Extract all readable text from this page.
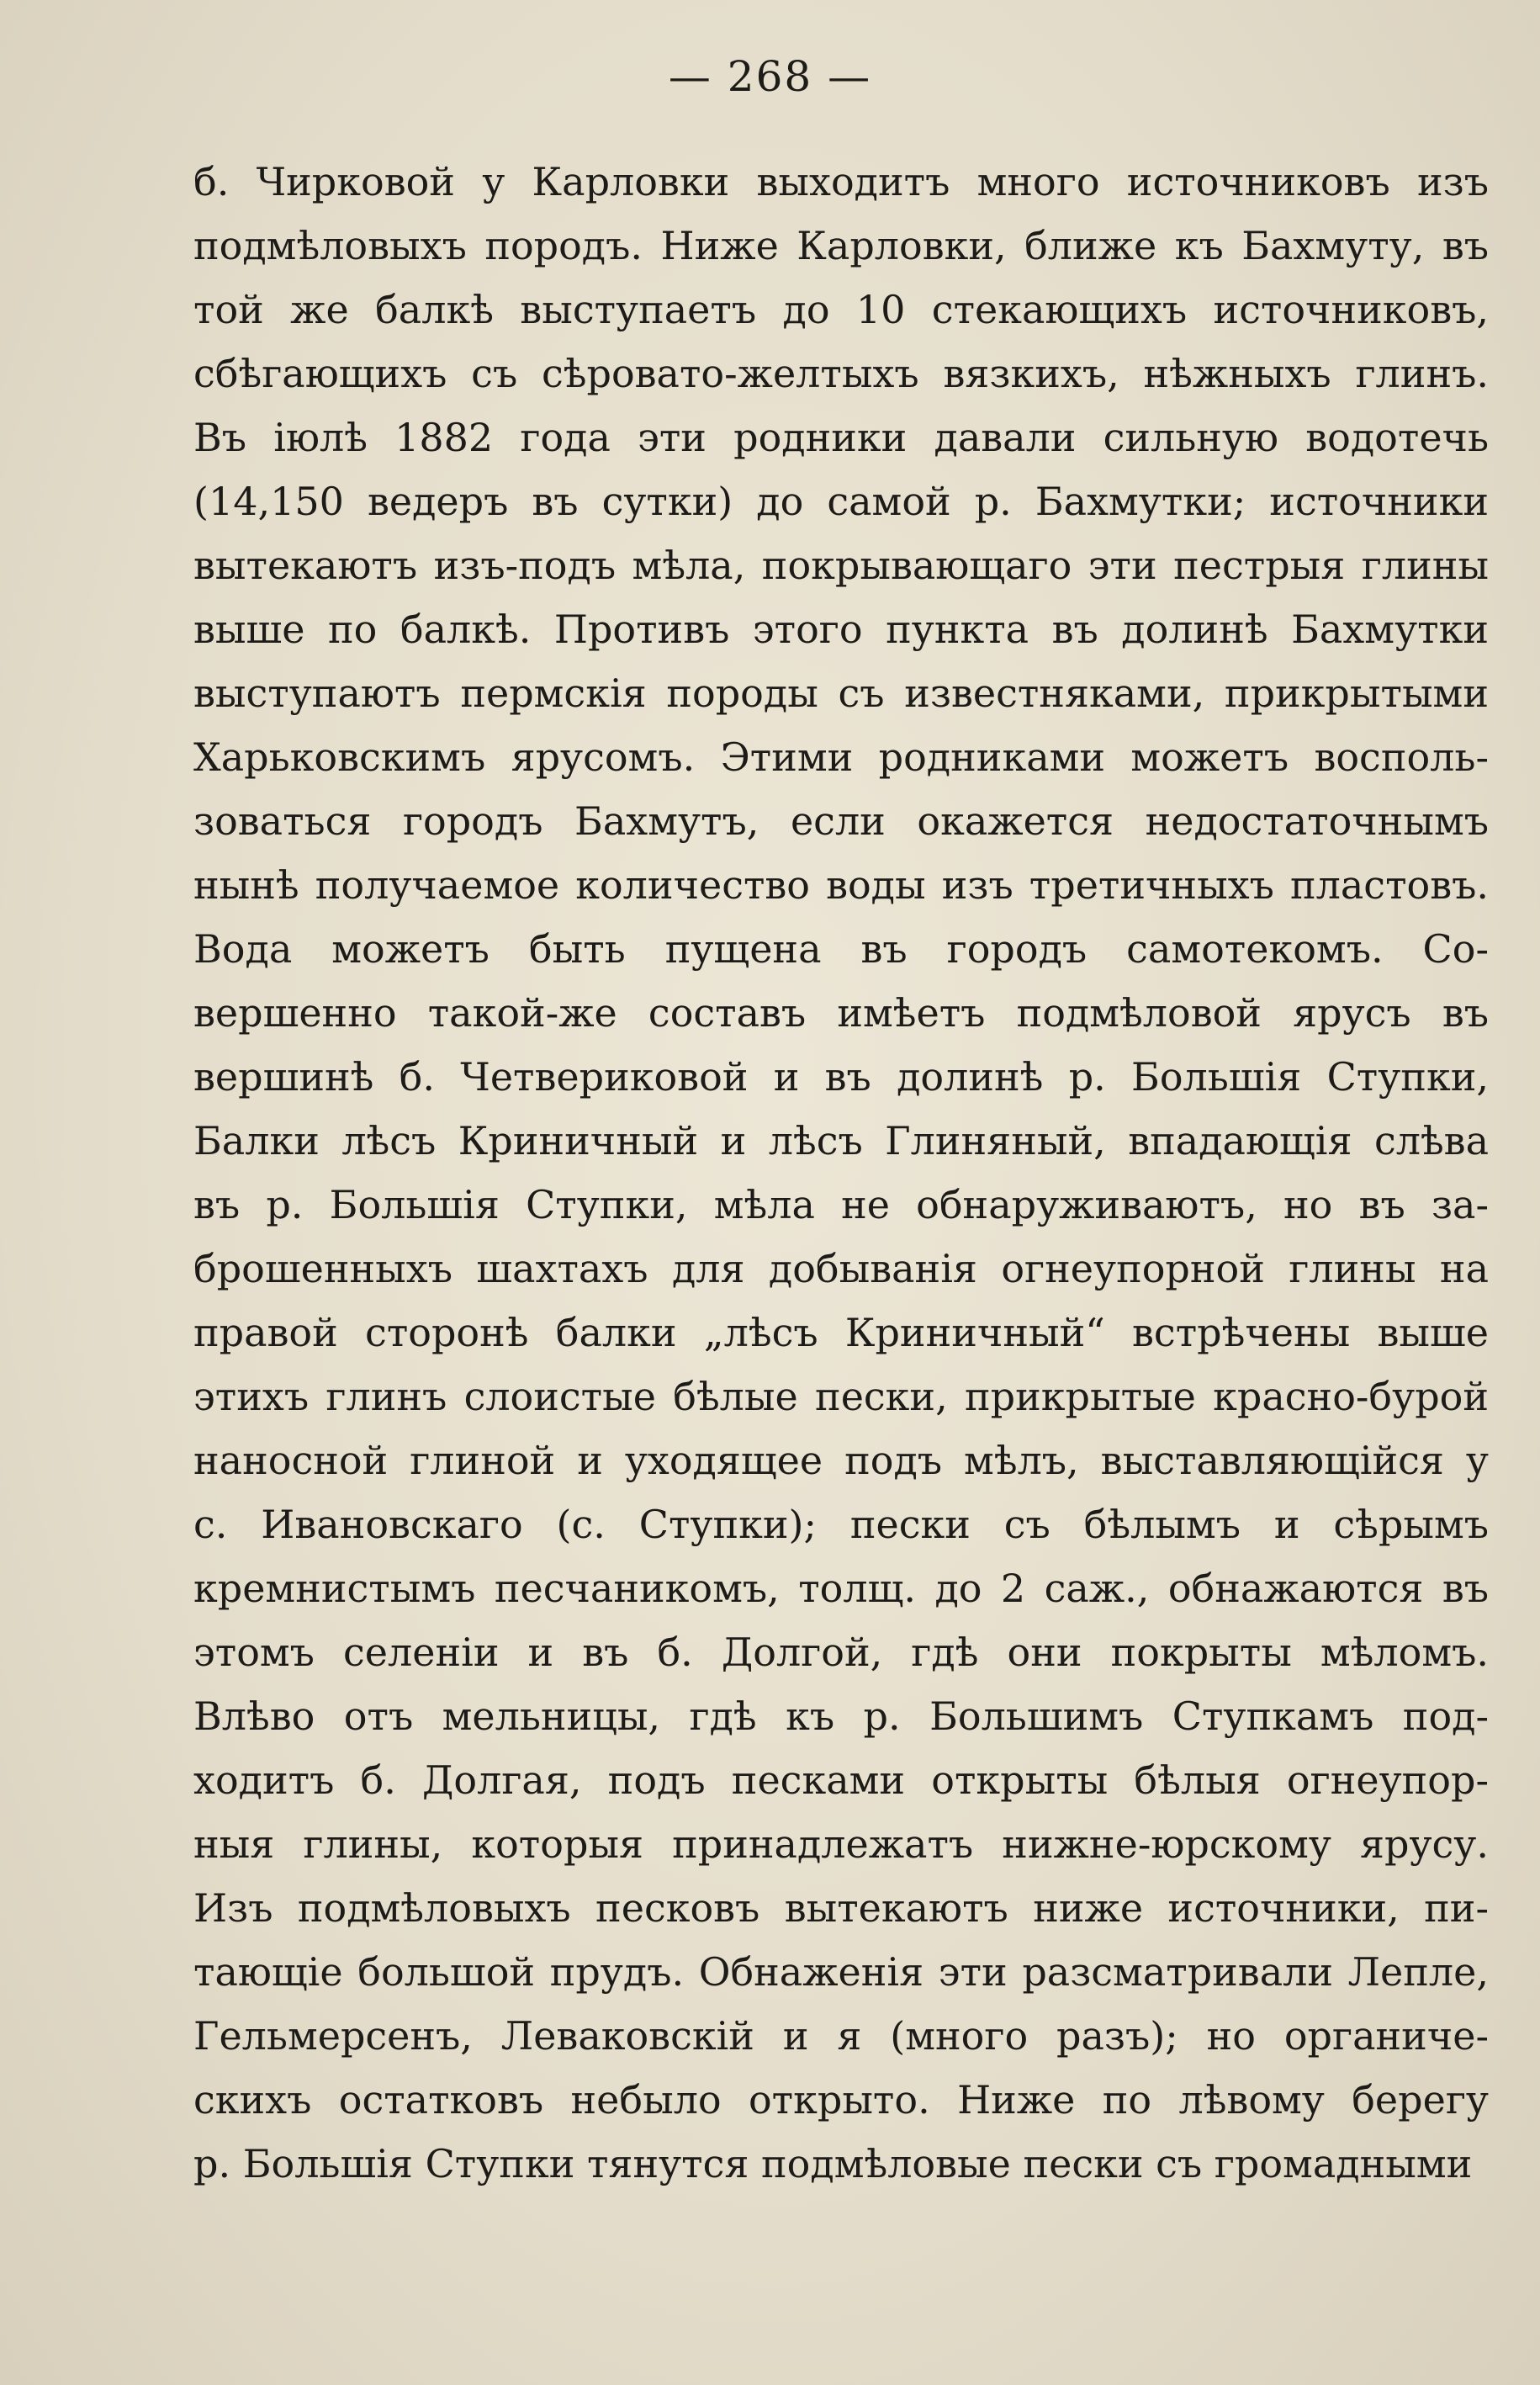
— 268 —
б. Чирковой у Карловки выходитъ много источниковъ изъ
подмѣловыхъ породъ. Ниже Карловки, ближе къ Бахмуту, въ
той же балкѣ выступаетъ до 10 стекающихъ источниковъ,
сбѣгающихъ съ сѣровато-желтыхъ вязкихъ, нѣжныхъ глинъ.
Въ іюлѣ 1882 года эти родники давали сильную водотечь
(14,150 ведеръ въ сутки) до самой р. Бахмутки; источники
вытекаютъ изъ-подъ мѣла, покрывающаго эти пестрыя глины
выше по балкѣ. Противъ этого пункта въ долинѣ Бахмутки
выступаютъ пермскія породы съ известняками, прикрытыми
Харьковскимъ ярусомъ. Этими родниками можетъ восполь-
зоваться городъ Бахмутъ, если окажется недостаточнымъ
нынѣ получаемое количество воды изъ третичныхъ пластовъ.
Вода можетъ быть пущена въ городъ самотекомъ. Со-
вершенно такой-же составъ имѣетъ подмѣловой ярусъ въ
вершинѣ б. Четвериковой и въ долинѣ р. Большія Ступки,
Балки лѣсъ Криничный и лѣсъ Глиняный, впадающія слѣва
въ р. Большія Ступки, мѣла не обнаруживаютъ, но въ за-
брошенныхъ шахтахъ для добыванія огнеупорной глины на
правой сторонѣ балки „лѣсъ Криничный“ встрѣчены выше
этихъ глинъ слоистые бѣлые пески, прикрытые красно-бурой
наносной глиной и уходящее подъ мѣлъ, выставляющійся у
с. Ивановскаго (с. Ступки); пески съ бѣлымъ и сѣрымъ
кремнистымъ песчаникомъ, толщ. до 2 саж., обнажаются въ
этомъ селеніи и въ б. Долгой, гдѣ они покрыты мѣломъ.
Влѣво отъ мельницы, гдѣ къ р. Большимъ Ступкамъ под-
ходитъ б. Долгая, подъ песками открыты бѣлыя огнеупор-
ныя глины, которыя принадлежатъ нижне-юрскому ярусу.
Изъ подмѣловыхъ песковъ вытекаютъ ниже источники, пи-
тающіе большой прудъ. Обнаженія эти разсматривали Лепле,
Гельмерсенъ, Леваковскій и я (много разъ); но органиче-
скихъ остатковъ небыло открыто. Ниже по лѣвому берегу
р. Большія Ступки тянутся подмѣловые пески съ громадными
